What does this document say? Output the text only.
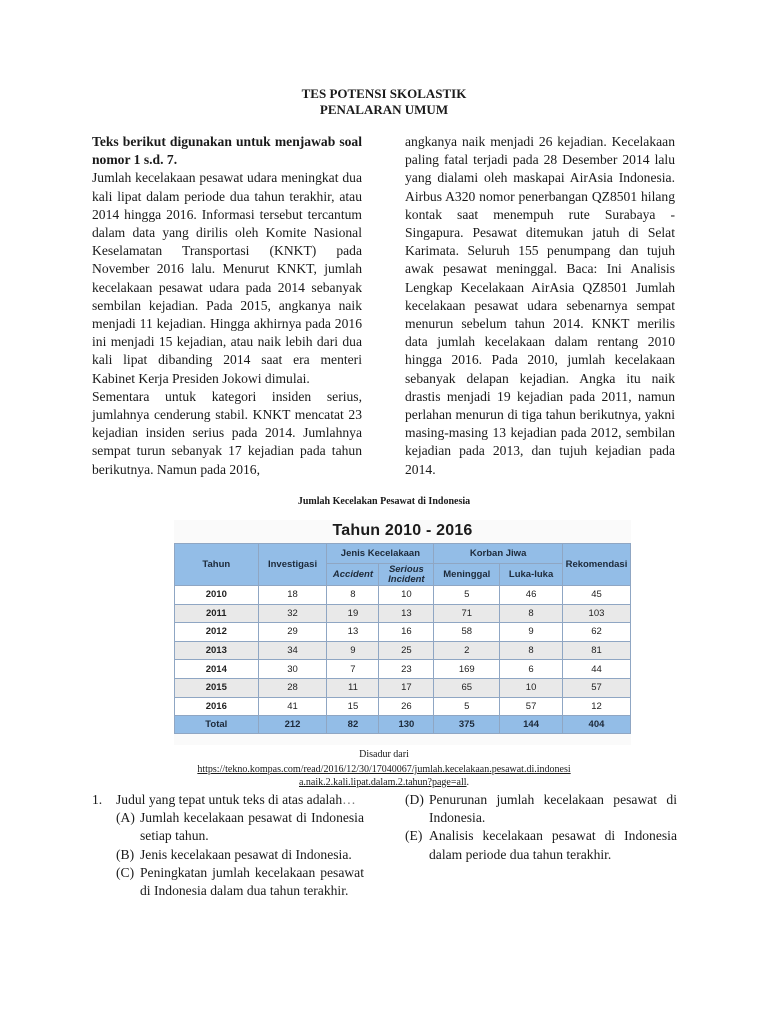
TES POTENSI SKOLASTIK
PENALARAN UMUM

Teks berikut digunakan untuk menjawab soal nomor 1 s.d. 7.

Jumlah kecelakaan pesawat udara meningkat dua kali lipat dalam periode dua tahun terakhir, atau 2014 hingga 2016. Informasi tersebut tercantum dalam data yang dirilis oleh Komite Nasional Keselamatan Transportasi (KNKT) pada November 2016 lalu. Menurut KNKT, jumlah kecelakaan pesawat udara pada 2014 sebanyak sembilan kejadian. Pada 2015, angkanya naik menjadi 11 kejadian. Hingga akhirnya pada 2016 ini menjadi 15 kejadian, atau naik lebih dari dua kali lipat dibanding 2014 saat era menteri Kabinet Kerja Presiden Jokowi dimulai.

Sementara untuk kategori insiden serius, jumlahnya cenderung stabil. KNKT mencatat 23 kejadian insiden serius pada 2014. Jumlahnya sempat turun sebanyak 17 kejadian pada tahun berikutnya. Namun pada 2016,

angkanya naik menjadi 26 kejadian. Kecelakaan paling fatal terjadi pada 28 Desember 2014 lalu yang dialami oleh maskapai AirAsia Indonesia. Airbus A320 nomor penerbangan QZ8501 hilang kontak saat menempuh rute Surabaya - Singapura. Pesawat ditemukan jatuh di Selat Karimata. Seluruh 155 penumpang dan tujuh awak pesawat meninggal. Baca: Ini Analisis Lengkap Kecelakaan AirAsia QZ8501 Jumlah kecelakaan pesawat udara sebenarnya sempat menurun sebelum tahun 2014. KNKT merilis data jumlah kecelakaan dalam rentang 2010 hingga 2016. Pada 2010, jumlah kecelakaan sebanyak delapan kejadian. Angka itu naik drastis menjadi 19 kejadian pada 2011, namun perlahan menurun di tiga tahun berikutnya, yakni masing-masing 13 kejadian pada 2012, sembilan kejadian pada 2013, dan tujuh kejadian pada 2014.

Jumlah Kecelakan Pesawat di Indonesia
Tahun 2010 - 2016
Tahun	Investigasi	Jenis Kecelakaan		Korban Jiwa		Rekomendasi
		Accident	Serious
Incident	Meninggal	Luka-luka	
2010	18	8	10	5	46	45
2011	32	19	13	71	8	103
2012	29	13	16	58	9	62
2013	34	9	25	2	8	81
2014	30	7	23	169	6	44
2015	28	11	17	65	10	57
2016	41	15	26	5	57	12
Total	212	82	130	375	144	404
Disadur dari
https://tekno.kompas.com/read/2016/12/30/17040067/jumlah.kecelakaan.pesawat.di.indonesi
a.naik.2.kali.lipat.dalam.2.tahun?page=all.
1.	Judul yang tepat untuk teks di atas adalah…
(A) Jumlah kecelakaan pesawat di Indonesia setiap tahun.
(B) Jenis kecelakaan pesawat di Indonesia.
(C) Peningkatan jumlah kecelakaan pesawat di Indonesia dalam dua tahun terakhir.
(D) Penurunan jumlah kecelakaan pesawat di Indonesia.
(E) Analisis kecelakaan pesawat di Indonesia dalam periode dua tahun terakhir.
